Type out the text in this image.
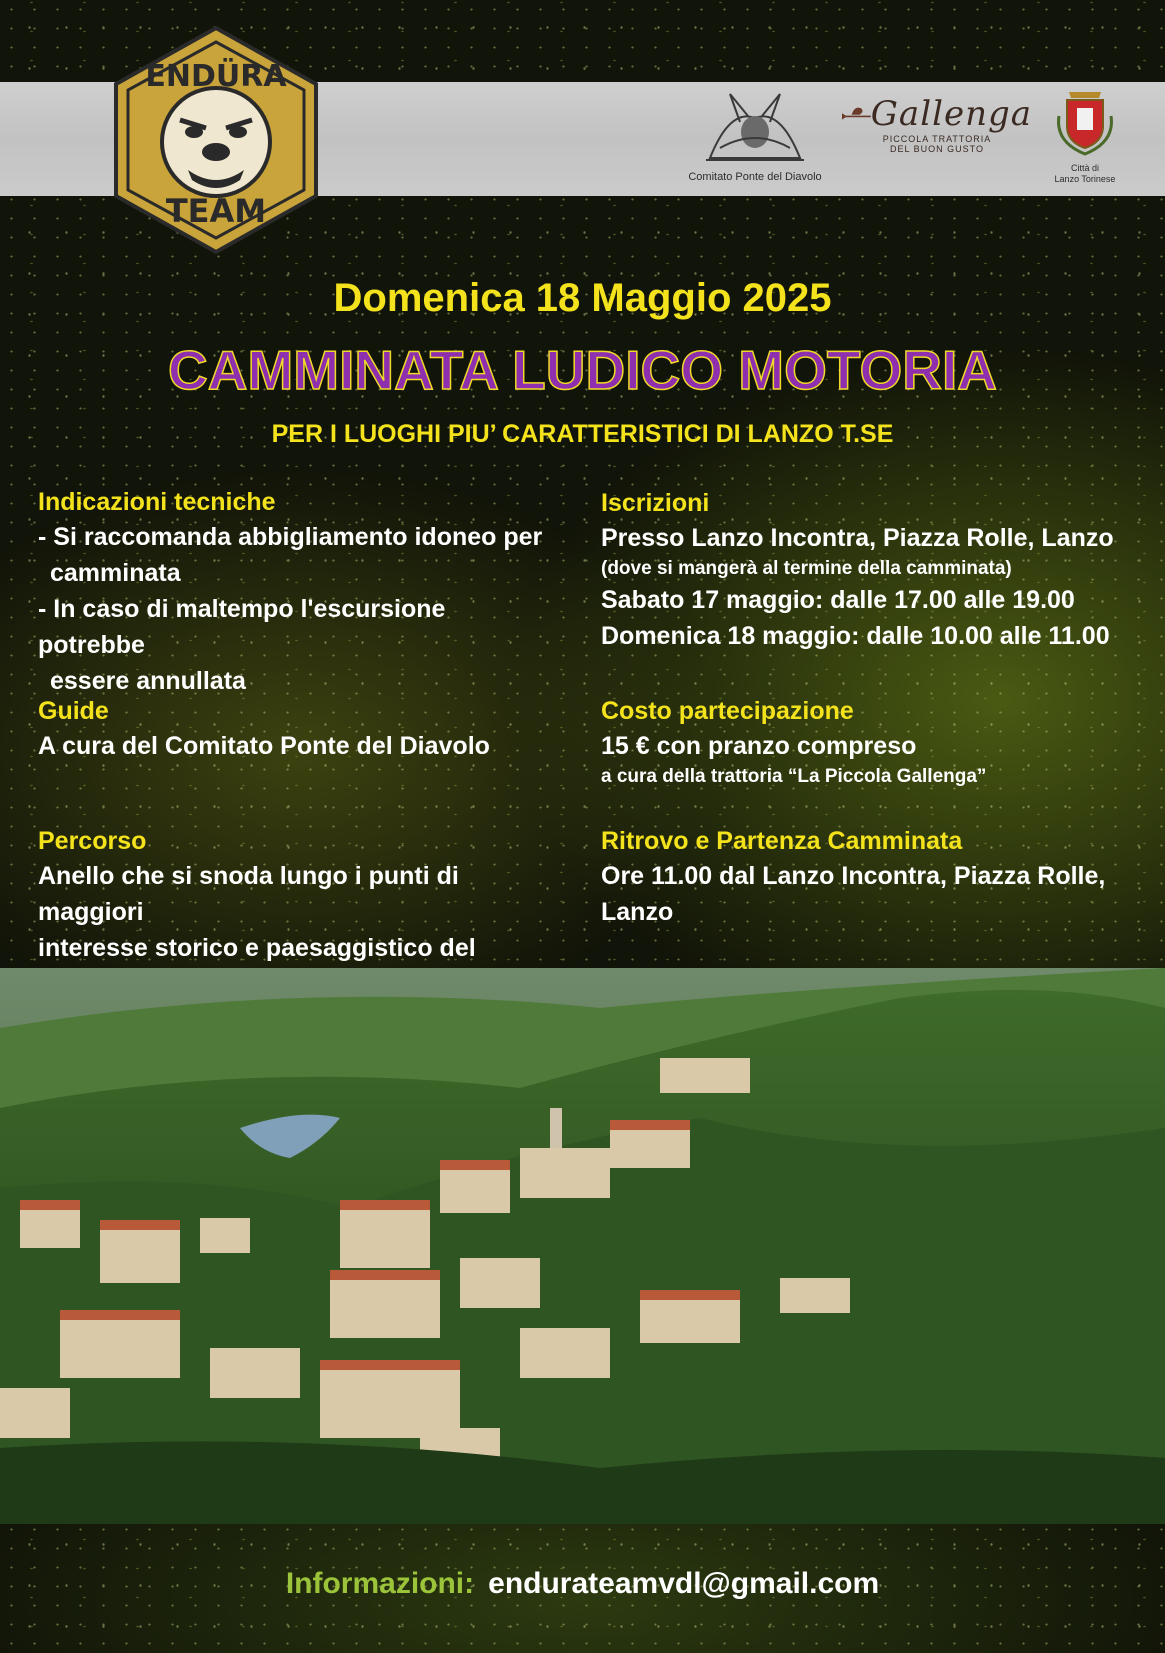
ENDÜRA
TEAM
Comitato Ponte del Diavolo
Gallenga
PICCOLA TRATTORIA
DEL BUON GUSTO
Città di
Lanzo Torinese
Domenica 18 Maggio 2025
CAMMINATA LUDICO MOTORIA
PER I LUOGHI PIU’ CARATTERISTICI DI LANZO T.SE
Indicazioni tecniche
- Si raccomanda abbigliamento idoneo per
camminata
- In caso di maltempo l'escursione potrebbe
essere annullata
Guide
A cura del Comitato Ponte del Diavolo
Percorso
Anello che si snoda lungo i punti di maggiori
interesse storico e paesaggistico del
Iscrizioni
Presso Lanzo Incontra, Piazza Rolle, Lanzo
(dove si mangerà al termine della camminata)
Sabato 17 maggio: dalle 17.00 alle 19.00
Domenica 18 maggio: dalle 10.00 alle 11.00
Costo partecipazione
15 € con pranzo compreso
a cura della trattoria “La Piccola Gallenga”
Ritrovo e Partenza Camminata
Ore 11.00 dal Lanzo Incontra, Piazza Rolle, Lanzo
Informazioni: endurateamvdl@gmail.com
